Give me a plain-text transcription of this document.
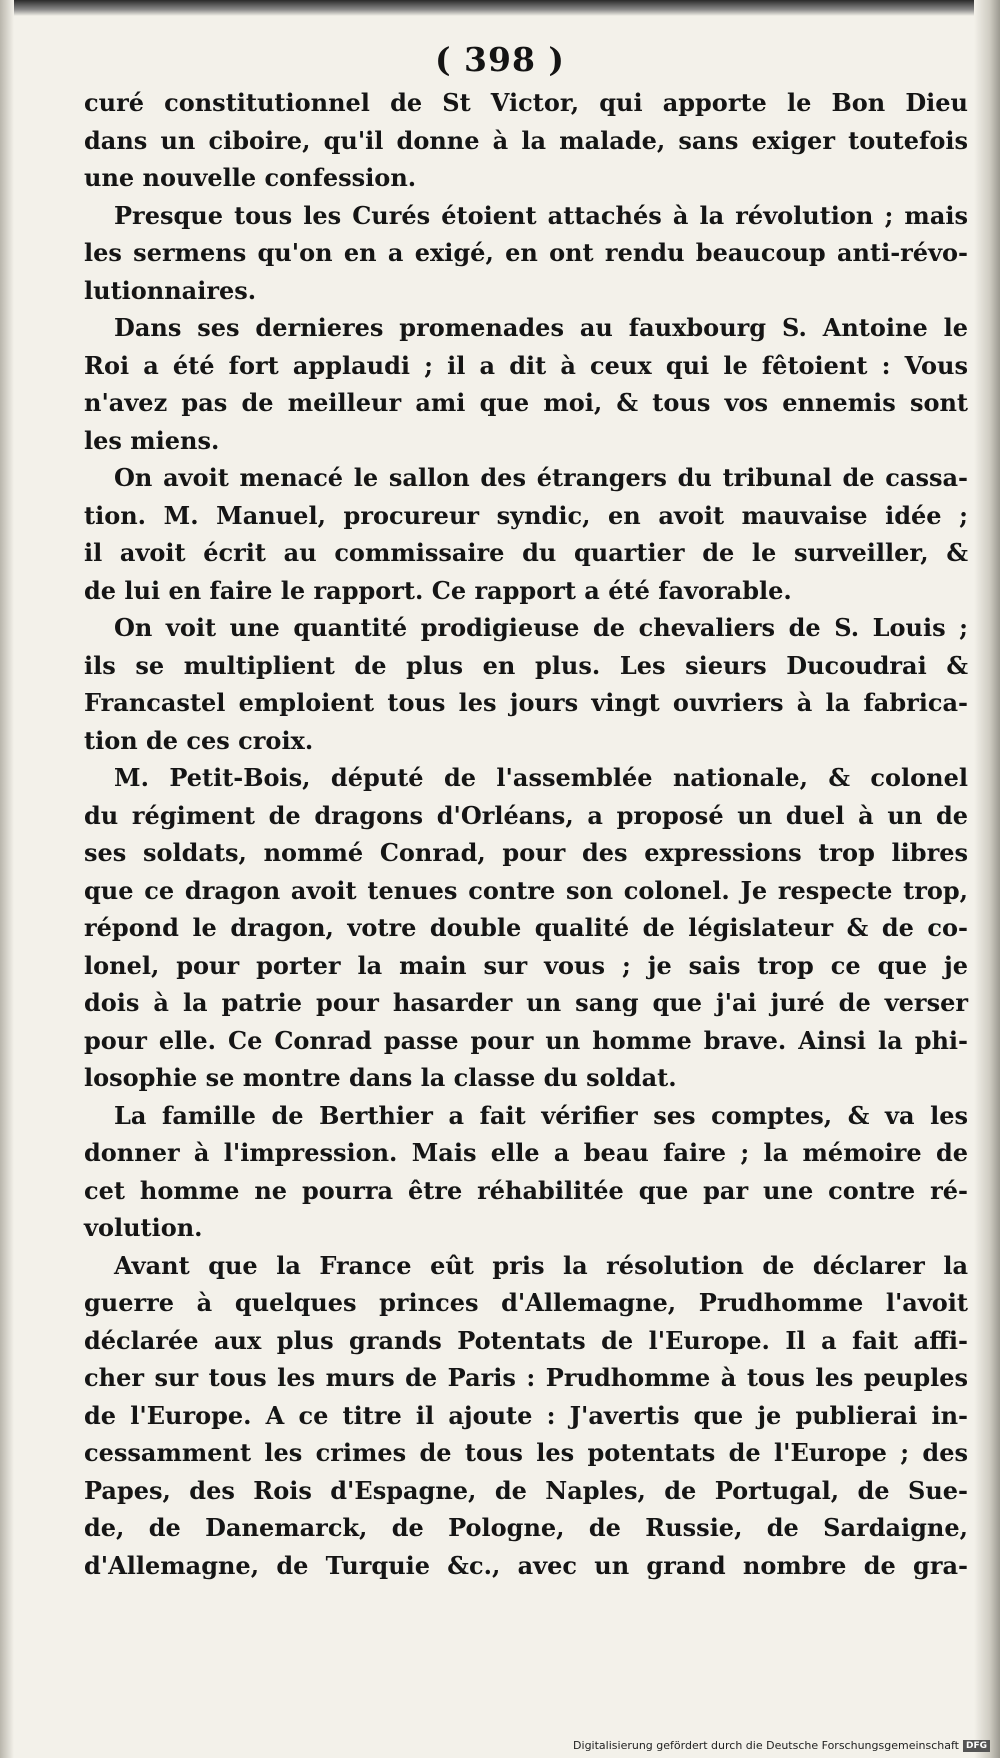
( 398 )
curé constitutionnel de St Victor, qui apporte le Bon Dieu
dans un ciboire, qu'il donne à la malade, sans exiger toutefois
une nouvelle confession.
Presque tous les Curés étoient attachés à la révolution ; mais
les sermens qu'on en a exigé, en ont rendu beaucoup anti-révo-
lutionnaires.
Dans ses dernieres promenades au fauxbourg S. Antoine le
Roi a été fort applaudi ; il a dit à ceux qui le fêtoient : Vous
n'avez pas de meilleur ami que moi, & tous vos ennemis sont
les miens.
On avoit menacé le sallon des étrangers du tribunal de cassa-
tion. M. Manuel, procureur syndic, en avoit mauvaise idée ;
il avoit écrit au commissaire du quartier de le surveiller, &
de lui en faire le rapport. Ce rapport a été favorable.
On voit une quantité prodigieuse de chevaliers de S. Louis ;
ils se multiplient de plus en plus. Les sieurs Ducoudrai &
Francastel emploient tous les jours vingt ouvriers à la fabrica-
tion de ces croix.
M. Petit-Bois, député de l'assemblée nationale, & colonel
du régiment de dragons d'Orléans, a proposé un duel à un de
ses soldats, nommé Conrad, pour des expressions trop libres
que ce dragon avoit tenues contre son colonel. Je respecte trop,
répond le dragon, votre double qualité de législateur & de co-
lonel, pour porter la main sur vous ; je sais trop ce que je
dois à la patrie pour hasarder un sang que j'ai juré de verser
pour elle. Ce Conrad passe pour un homme brave. Ainsi la phi-
losophie se montre dans la classe du soldat.
La famille de Berthier a fait vérifier ses comptes, & va les
donner à l'impression. Mais elle a beau faire ; la mémoire de
cet homme ne pourra être réhabilitée que par une contre ré-
volution.
Avant que la France eût pris la résolution de déclarer la
guerre à quelques princes d'Allemagne, Prudhomme l'avoit
déclarée aux plus grands Potentats de l'Europe. Il a fait affi-
cher sur tous les murs de Paris : Prudhomme à tous les peuples
de l'Europe. A ce titre il ajoute : J'avertis que je publierai in-
cessamment les crimes de tous les potentats de l'Europe ; des
Papes, des Rois d'Espagne, de Naples, de Portugal, de Sue-
de, de Danemarck, de Pologne, de Russie, de Sardaigne,
d'Allemagne, de Turquie &c., avec un grand nombre de gra-
Digitalisierung gefördert durch die Deutsche Forschungsgemeinschaft DFG
